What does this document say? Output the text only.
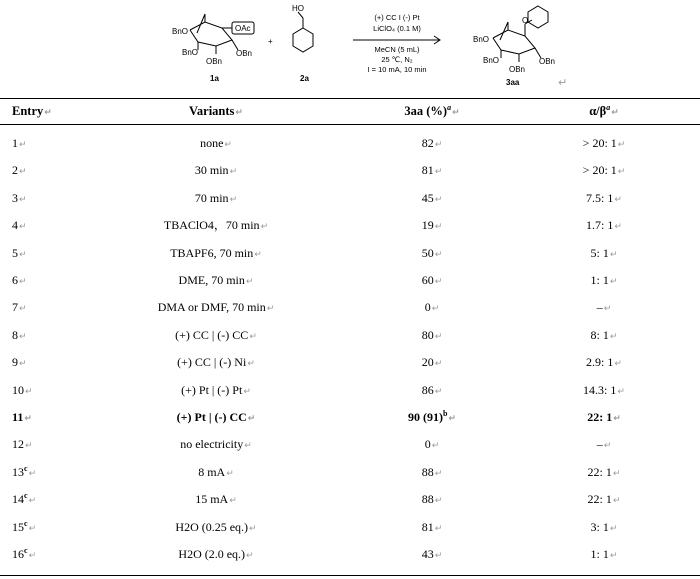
OAc
BnO
BnO	OBn
OBn
1a
+
HO
2a
(+) CC I (-) Pt
LiClO₄ (0.1 M)
MeCN (5 mL)
25 ℃, N₂
I = 10 mA, 10 min
O
BnO
BnO	OBn
OBn
3aa	↵
Entry↵	Variants↵	3aa (%)$^a$↵	$\alpha/\beta^a↵$
1↵	none↵	82↵	> 20: 1↵
2↵	30 min↵	81↵	> 20: 1↵
3↵	70 min↵	45↵	7.5: 1↵
4↵	TBAClO4，70 min↵	19↵	1.7: 1↵
5↵	TBAPF6, 70 min↵	50↵	5: 1↵
6↵	DME, 70 min↵	60↵	1: 1↵
7↵	DMA or DMF, 70 min↵	0↵	–↵
8↵	(+) CC | (-) CC↵	80↵	8: 1↵
9↵	(+) CC | (-) Ni↵	20↵	2.9: 1↵
10↵	(+) Pt | (-) Pt↵	86↵	14.3: 1↵
11↵	(+) Pt | (-) CC↵	90 $(91)^b↵$	22: 1↵
12↵	no electricity↵	0↵	–↵
13$^c$↵	8 mA↵	88↵	22: 1↵
14$^c$↵	15 mA↵	88↵	22: 1↵
15$^c$↵	H2O (0.25 eq.)↵	81↵	3: 1↵
16$^c$↵	H2O (2.0 eq.)↵	43↵	1: 1↵
